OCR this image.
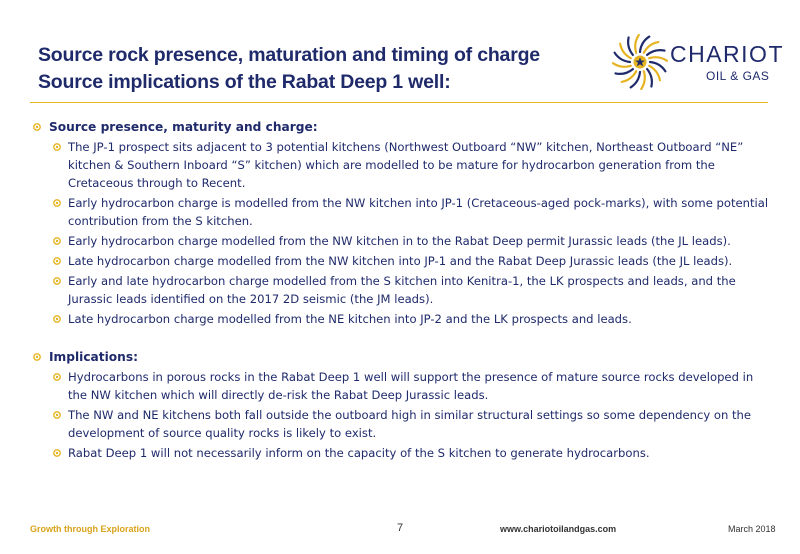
Source rock presence, maturation and timing of charge
Source implications of the Rabat Deep 1 well:
CHARIOT
OIL & GAS
Source presence, maturity and charge:
The JP-1 prospect sits adjacent to 3 potential kitchens (Northwest Outboard “NW” kitchen, Northeast Outboard “NE” kitchen & Southern Inboard “S” kitchen) which are modelled to be mature for hydrocarbon generation from the Cretaceous through to Recent.
Early hydrocarbon charge is modelled from the NW kitchen into JP-1 (Cretaceous-aged pock-marks), with some potential contribution from the S kitchen.
Early hydrocarbon charge modelled from the NW kitchen in to the Rabat Deep permit Jurassic leads (the JL leads).
Late hydrocarbon charge modelled from the NW kitchen into JP-1 and the Rabat Deep Jurassic leads (the JL leads).
Early and late hydrocarbon charge modelled from the S kitchen into Kenitra-1, the LK prospects and leads, and the Jurassic leads identified on the 2017 2D seismic (the JM leads).
Late hydrocarbon charge modelled from the NE kitchen into JP-2 and the LK prospects and leads.
Implications:
Hydrocarbons in porous rocks in the Rabat Deep 1 well will support the presence of mature source rocks developed in the NW kitchen which will directly de-risk the Rabat Deep Jurassic leads.
The NW and NE kitchens both fall outside the outboard high in similar structural settings so some dependency on the development of source quality rocks is likely to exist.
Rabat Deep 1 will not necessarily inform on the capacity of the S kitchen to generate hydrocarbons.
Growth through Exploration	7	www.chariotoilandgas.com	March 2018
